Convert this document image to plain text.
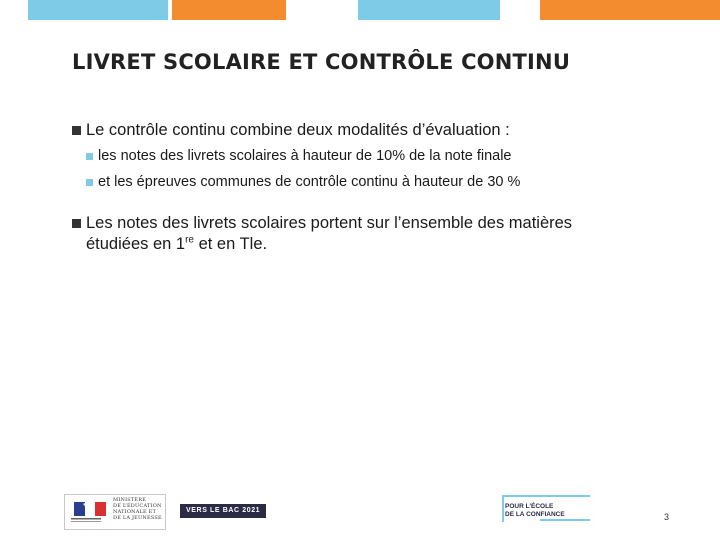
LIVRET SCOLAIRE ET CONTRÔLE CONTINU
Le contrôle continu combine deux modalités d’évaluation :
les notes des livrets scolaires à hauteur de 10% de la note finale
et les épreuves communes de contrôle continu à hauteur de 30 %
Les notes des livrets scolaires portent sur l’ensemble des matières
étudiées en 1re et en Tle.
MINISTÈRE
DE L’ÉDUCATION
NATIONALE ET
DE LA JEUNESSE
VERS LE BAC 2021
POUR L’ÉCOLE
DE LA CONFIANCE	3
